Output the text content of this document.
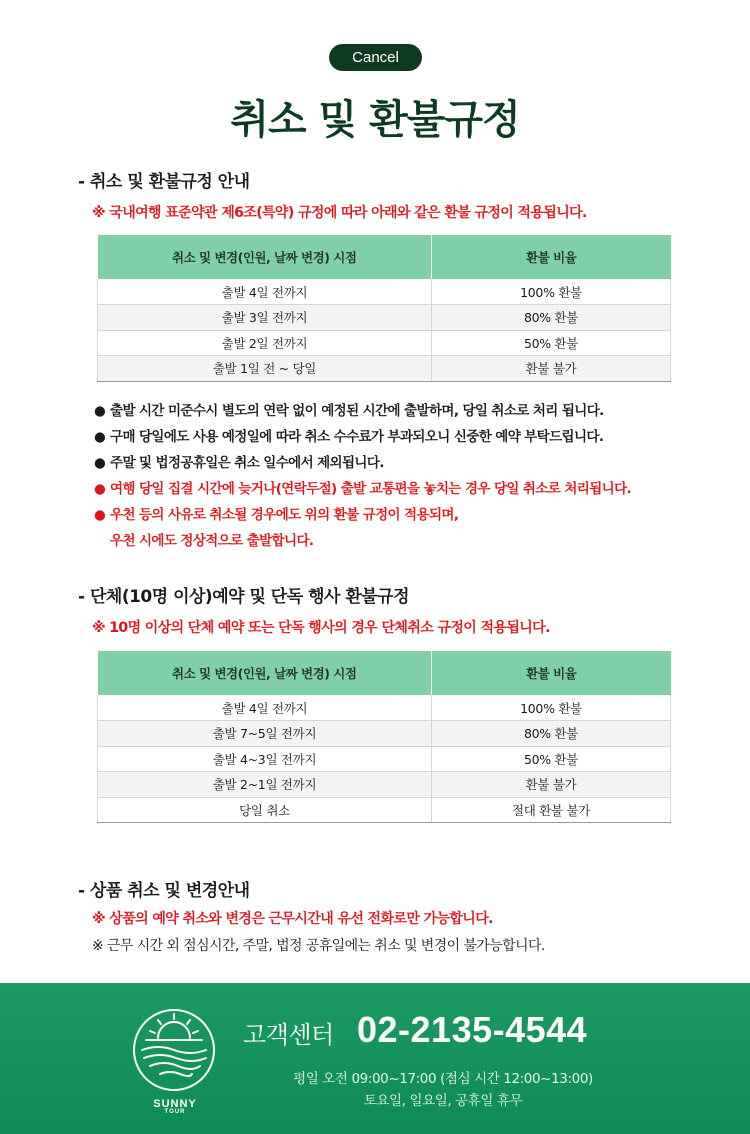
Cancel
취소 및 환불규정
- 취소 및 환불규정 안내
※ 국내여행 표준약관 제6조(특약) 규정에 따라 아래와 같은 환불 규정이 적용됩니다.
취소 및 변경(인원, 날짜 변경) 시점	환불 비율
출발 4일 전까지	100% 환불
출발 3일 전까지	80% 환불
출발 2일 전까지	50% 환불
출발 1일 전 ~ 당일	환불 불가
● 출발 시간 미준수시 별도의 연락 없이 예정된 시간에 출발하며, 당일 취소로 처리 됩니다.
● 구매 당일에도 사용 예정일에 따라 취소 수수료가 부과되오니 신중한 예약 부탁드립니다.
● 주말 및 법정공휴일은 취소 일수에서 제외됩니다.
● 여행 당일 집결 시간에 늦거나(연락두절) 출발 교통편을 놓치는 경우 당일 취소로 처리됩니다.
● 우천 등의 사유로 취소될 경우에도 위의 환불 규정이 적용되며,
우천 시에도 정상적으로 출발합니다.
- 단체(10명 이상)예약 및 단독 행사 환불규정
※ 10명 이상의 단체 예약 또는 단독 행사의 경우 단체취소 규정이 적용됩니다.
취소 및 변경(인원, 날짜 변경) 시점	환불 비율
출발 4일 전까지	100% 환불
출발 7~5일 전까지	80% 환불
출발 4~3일 전까지	50% 환불
출발 2~1일 전까지	환불 불가
당일 취소	절대 환불 불가
- 상품 취소 및 변경안내
※ 상품의 예약 취소와 변경은 근무시간내 유선 전화로만 가능합니다.
※ 근무 시간 외 점심시간, 주말, 법정 공휴일에는 취소 및 변경이 불가능합니다.
SUNNY
TOUR
고객센터 02-2135-4544
평일 오전 09:00~17:00 (점심 시간 12:00~13:00)
토요일, 일요일, 공휴일 휴무
